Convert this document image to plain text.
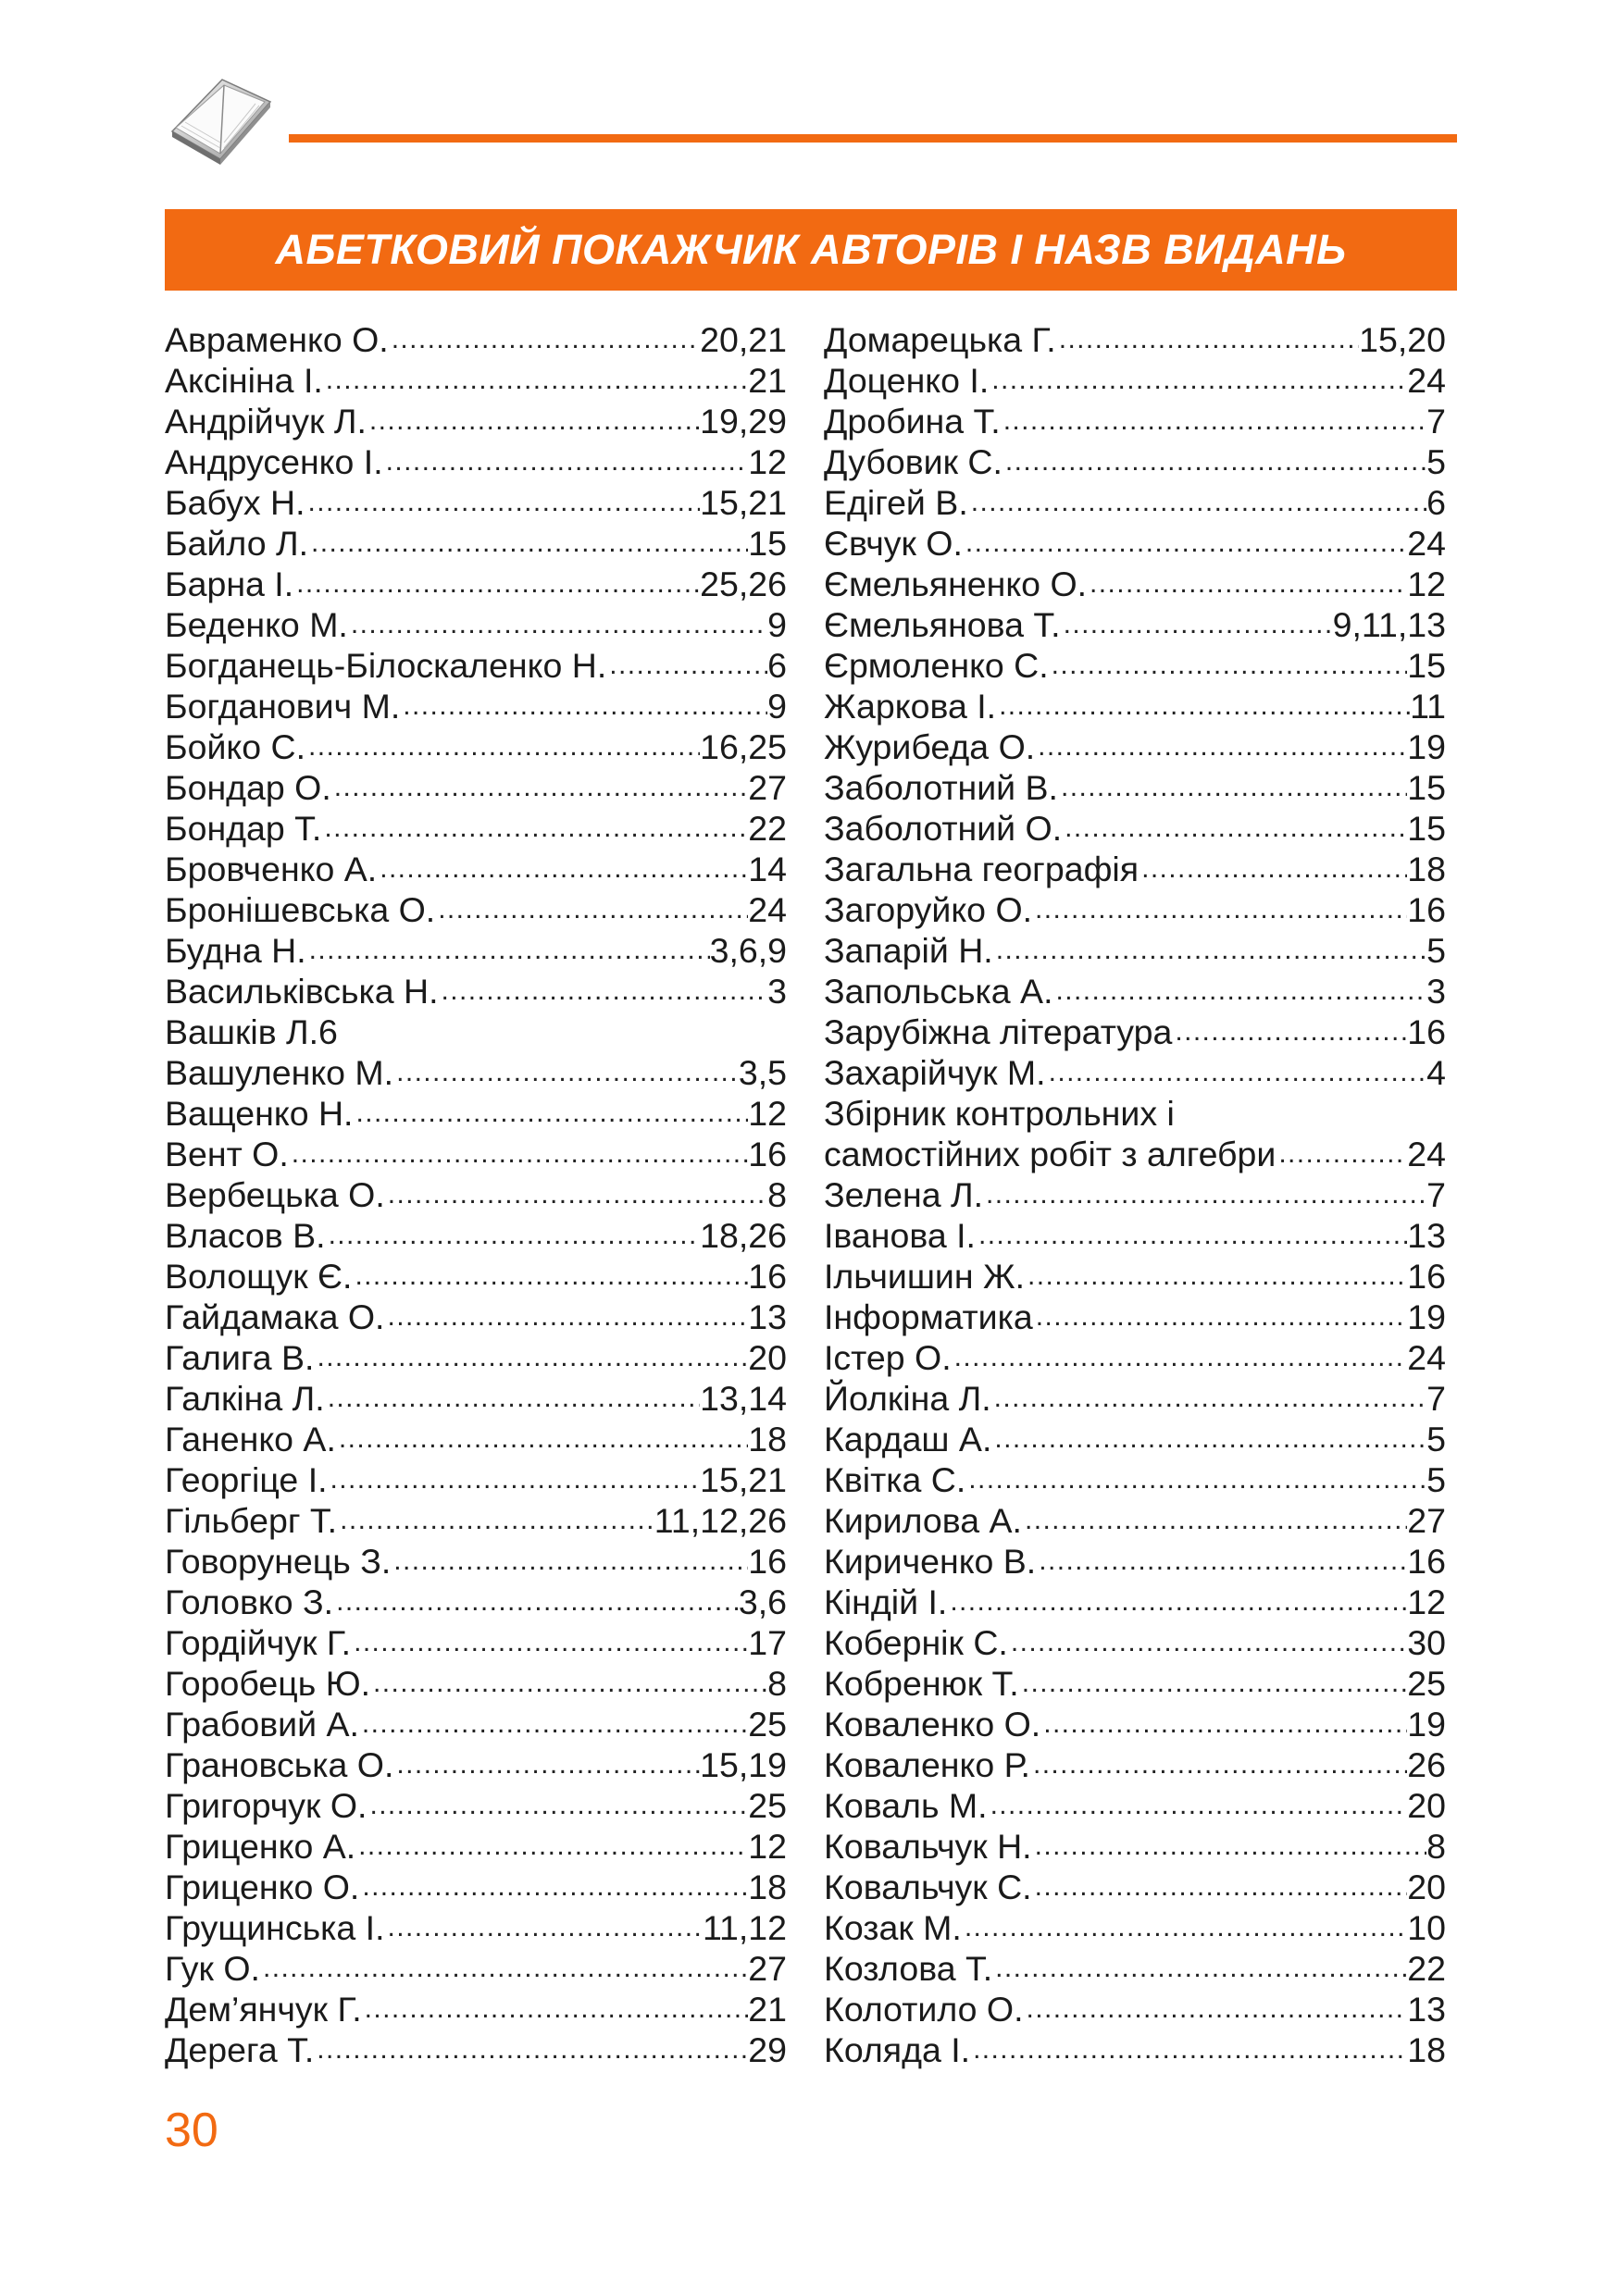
АБЕТКОВИЙ ПОКАЖЧИК АВТОРІВ І НАЗВ ВИДАНЬ
Авраменко О. .....	20,21
Аксініна І. .....	21
Андрійчук Л. .....	19,29
Андрусенко І. .....	12
Бабух Н. .....	15,21
Байло Л. .....	15
Барна І. .....	25,26
Беденко М. .....	9
Богданець-Білоскаленко Н. .....	6
Богданович М. .....	9
Бойко С. .....	16,25
Бондар О. .....	27
Бондар Т. .....	22
Бровченко А. .....	14
Бронішевська О. .....	24
Будна Н. .....	3,6,9
Васильківська Н. .....	3
Вашків Л.6
Вашуленко М. .....	3,5
Ващенко Н. .....	12
Вент О. .....	16
Вербецька О. .....	8
Власов В. .....	18,26
Волощук Є. .....	16
Гайдамака О. .....	13
Галига В. .....	20
Галкіна Л. .....	13,14
Ганенко А. .....	18
Георгіце І. .....	15,21
Гільберг Т. .....	11,12,26
Говорунець З. .....	16
Головко З. .....	3,6
Гордійчук Г. .....	17
Горобець Ю. .....	8
Грабовий А. .....	25
Грановська О. .....	15,19
Григорчук О. .....	25
Гриценко А. .....	12
Гриценко О. .....	18
Грущинська І. .....	11,12
Гук О. .....	27
Дем’янчук Г. .....	21
Дерега Т. .....	29
Домарецька Г. .....	15,20
Доценко І. .....	24
Дробина Т. .....	7
Дубовик С. .....	5
Едігей В. .....	6
Євчук О. .....	24
Ємельяненко О. .....	12
Ємельянова Т. .....	9,11,13
Єрмоленко С. .....	15
Жаркова І. .....	11
Журибеда О. .....	19
Заболотний В. .....	15
Заболотний О. .....	15
Загальна географія .....	18
Загоруйко О. .....	16
Запарій Н. .....	5
Запольська А. .....	3
Зарубіжна література .....	16
Захарійчук М. .....	4
Збірник контрольних і
самостійних робіт з алгебри .....	24
Зелена Л. .....	7
Іванова І. .....	13
Ільчишин Ж. .....	16
Інформатика .....	19
Істер О. .....	24
Йолкіна Л. .....	7
Кардаш А. .....	5
Квітка С. .....	5
Кирилова А. .....	27
Кириченко В. .....	16
Кіндій І. .....	12
Кобернік С. .....	30
Кобренюк Т. .....	25
Коваленко О. .....	19
Коваленко Р. .....	26
Коваль М. .....	20
Ковальчук Н. .....	8
Ковальчук С. .....	20
Козак М. .....	10
Козлова Т. .....	22
Колотило О. .....	13
Коляда І. .....	18
30
